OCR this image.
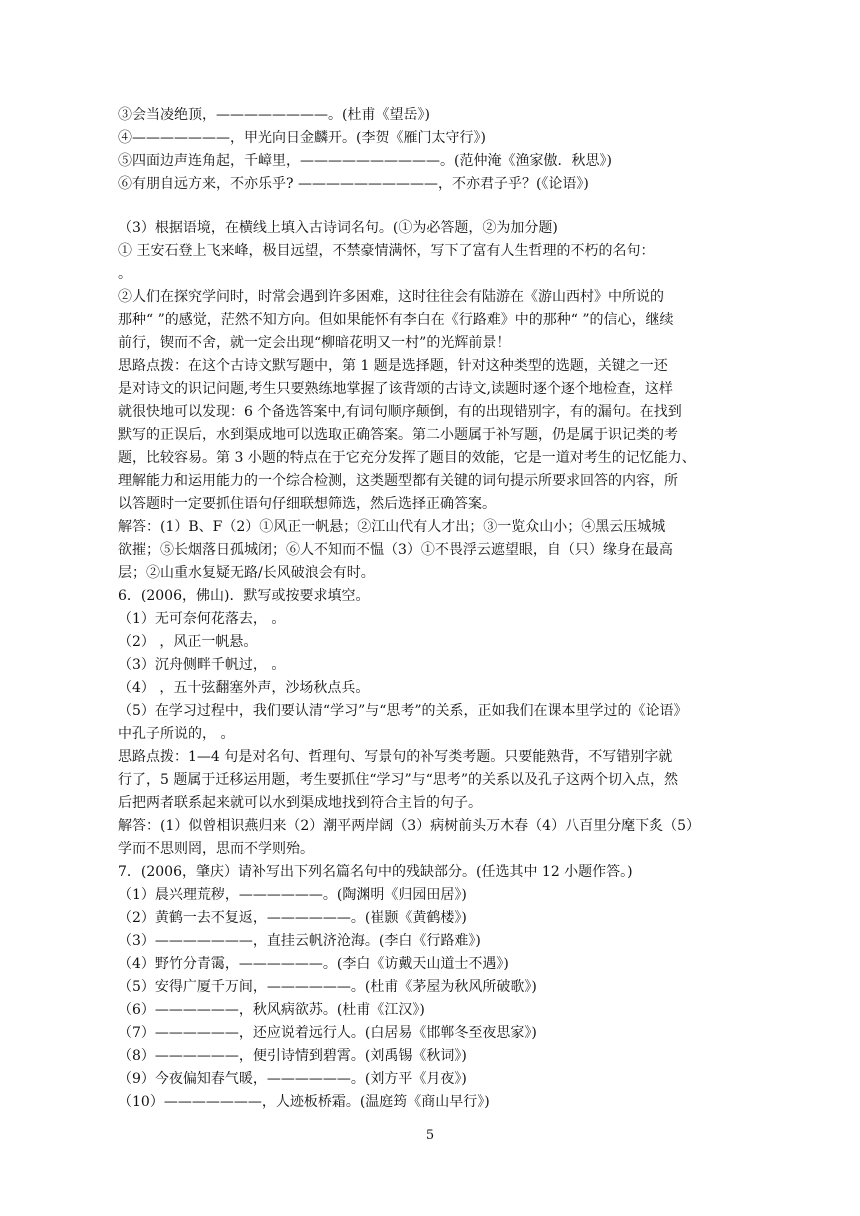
③会当凌绝顶，————————。(杜甫《望岳》)
④———————，甲光向日金麟开。(李贺《雁门太守行》)
⑤四面边声连角起，千嶂里，——————————。(范仲淹《渔家傲．秋思》)
⑥有朋自远方来，不亦乐乎? ——————————，不亦君子乎？(《论语》)
（3）根据语境，在横线上填入古诗词名句。(①为必答题，②为加分题)
① 王安石登上飞来峰，极目远望，不禁豪情满怀，写下了富有人生哲理的不朽的名句：
。
②人们在探究学问时，时常会遇到许多困难，这时往往会有陆游在《游山西村》中所说的
那种“ ”的感觉，茫然不知方向。但如果能怀有李白在《行路难》中的那种“ ”的信心，继续
前行，锲而不舍，就一定会出现“柳暗花明又一村”的光辉前景！
思路点拨：在这个古诗文默写题中，第 1 题是选择题，针对这种类型的选题，关键之一还
是对诗文的识记问题,考生只要熟练地掌握了该背颂的古诗文,读题时逐个逐个地检查，这样
就很快地可以发现：6 个备选答案中,有词句顺序颠倒，有的出现错别字，有的漏句。在找到
默写的正误后，水到渠成地可以选取正确答案。第二小题属于补写题，仍是属于识记类的考
题，比较容易。第 3 小题的特点在于它充分发挥了题目的效能，它是一道对考生的记忆能力、
理解能力和运用能力的一个综合检测，这类题型都有关键的词句提示所要求回答的内容，所
以答题时一定要抓住语句仔细联想筛选，然后选择正确答案。
解答：(1）B、F（2）①风正一帆悬；②江山代有人才出；③一览众山小；④黑云压城城
欲摧；⑤长烟落日孤城闭；⑥人不知而不愠（3）①不畏浮云遮望眼，自（只）缘身在最高
层；②山重水复疑无路/长风破浪会有时。
6．(2006，佛山)．默写或按要求填空。
（1）无可奈何花落去， 。
（2） ，风正一帆悬。
（3）沉舟侧畔千帆过， 。
（4） ，五十弦翻塞外声，沙场秋点兵。
（5）在学习过程中，我们要认清“学习”与“思考”的关系，正如我们在课本里学过的《论语》
中孔子所说的， 。
思路点拨：1—4 句是对名句、哲理句、写景句的补写类考题。只要能熟背，不写错别字就
行了，5 题属于迁移运用题，考生要抓住“学习”与“思考”的关系以及孔子这两个切入点，然
后把两者联系起来就可以水到渠成地找到符合主旨的句子。
解答：(1）似曾相识燕归来（2）潮平两岸阔（3）病树前头万木春（4）八百里分麾下炙（5）
学而不思则罔，思而不学则殆。
7．(2006，肇庆）请补写出下列名篇名句中的残缺部分。(任选其中 12 小题作答。)
（1）晨兴理荒秽，——————。(陶渊明《归园田居》)
（2）黄鹤一去不复返，——————。(崔颢《黄鹤楼》)
（3）———————，直挂云帆济沧海。(李白《行路难》)
（4）野竹分青霭，——————。(李白《访戴天山道士不遇》)
（5）安得广厦千万间，——————。(杜甫《茅屋为秋风所破歌》)
（6）——————，秋风病欲苏。(杜甫《江汉》)
（7）——————，还应说着远行人。(白居易《邯郸冬至夜思家》)
（8）——————，便引诗情到碧霄。(刘禹锡《秋词》)
（9）今夜偏知春气暖，——————。(刘方平《月夜》)
（10）———————，人迹板桥霜。(温庭筠《商山早行》)
5
